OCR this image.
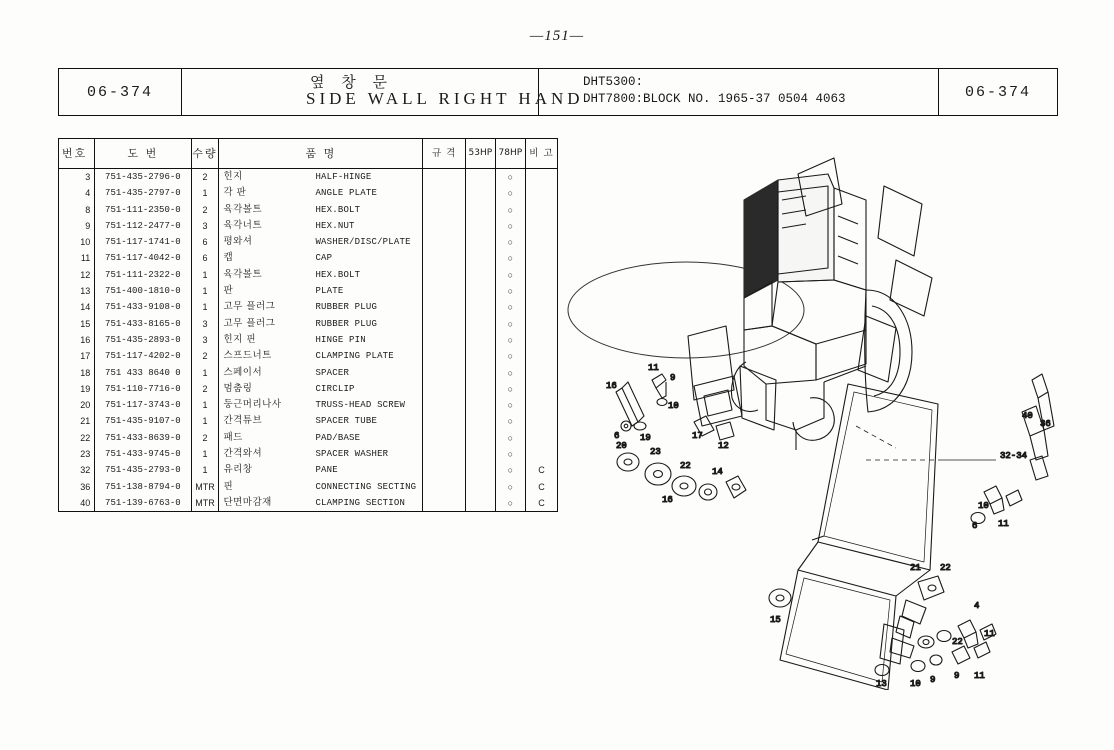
—151—
06-374
옆 창 문
SIDE WALL RIGHT HAND
DHT5300:
DHT7800:BLOCK NO. 1965-37 0504 4063	06-374
번호	도 번	수량	품 명	규 격	53HP	78HP	비 고
3	751-435-2796-0	2	힌지 HALF-HINGE			○	
4	751-435-2797-0	1	각 판 ANGLE PLATE			○	
8	751-111-2350-0	2	육각볼트 HEX.BOLT			○	
9	751-112-2477-0	3	육각너트 HEX.NUT			○	
10	751-117-1741-0	6	평와셔 WASHER/DISC/PLATE			○	
11	751-117-4042-0	6	캡 CAP			○	
12	751-111-2322-0	1	육각볼트 HEX.BOLT			○	
13	751-400-1810-0	1	판 PLATE			○	
14	751-433-9108-0	1	고무 플러그 RUBBER PLUG			○	
15	751-433-8165-0	3	고무 플러그 RUBBER PLUG			○	
16	751-435-2893-0	3	힌지 핀 HINGE PIN			○	
17	751-117-4202-0	2	스프드너트 CLAMPING PLATE			○	
18	751 433 8640 0	1	스페이서 SPACER			○	
19	751-110-7716-0	2	멈춤링 CIRCLIP			○	
20	751-117-3743-0	1	둥근머리나사 TRUSS-HEAD SCREW			○	
21	751-435-9107-0	1	간격튜브 SPACER TUBE			○	
22	751-433-8639-0	2	패드 PAD/BASE			○	
23	751-433-9745-0	1	간격와셔 SPACER WASHER			○	
32	751-435-2793-0	1	유리창 PANE			○	C
36	751-138-8794-0	MTR	핀 CONNECTING SECTING			○	C
40	751-139-6763-0	MTR	단면마감재 CLAMPING SECTION			○	C
16
11
9
10
6 19	17
12
40
36
20
23
22
14
16
32-34
10
6 11
15
21 22
4
13	10 9
22
11
9 11
